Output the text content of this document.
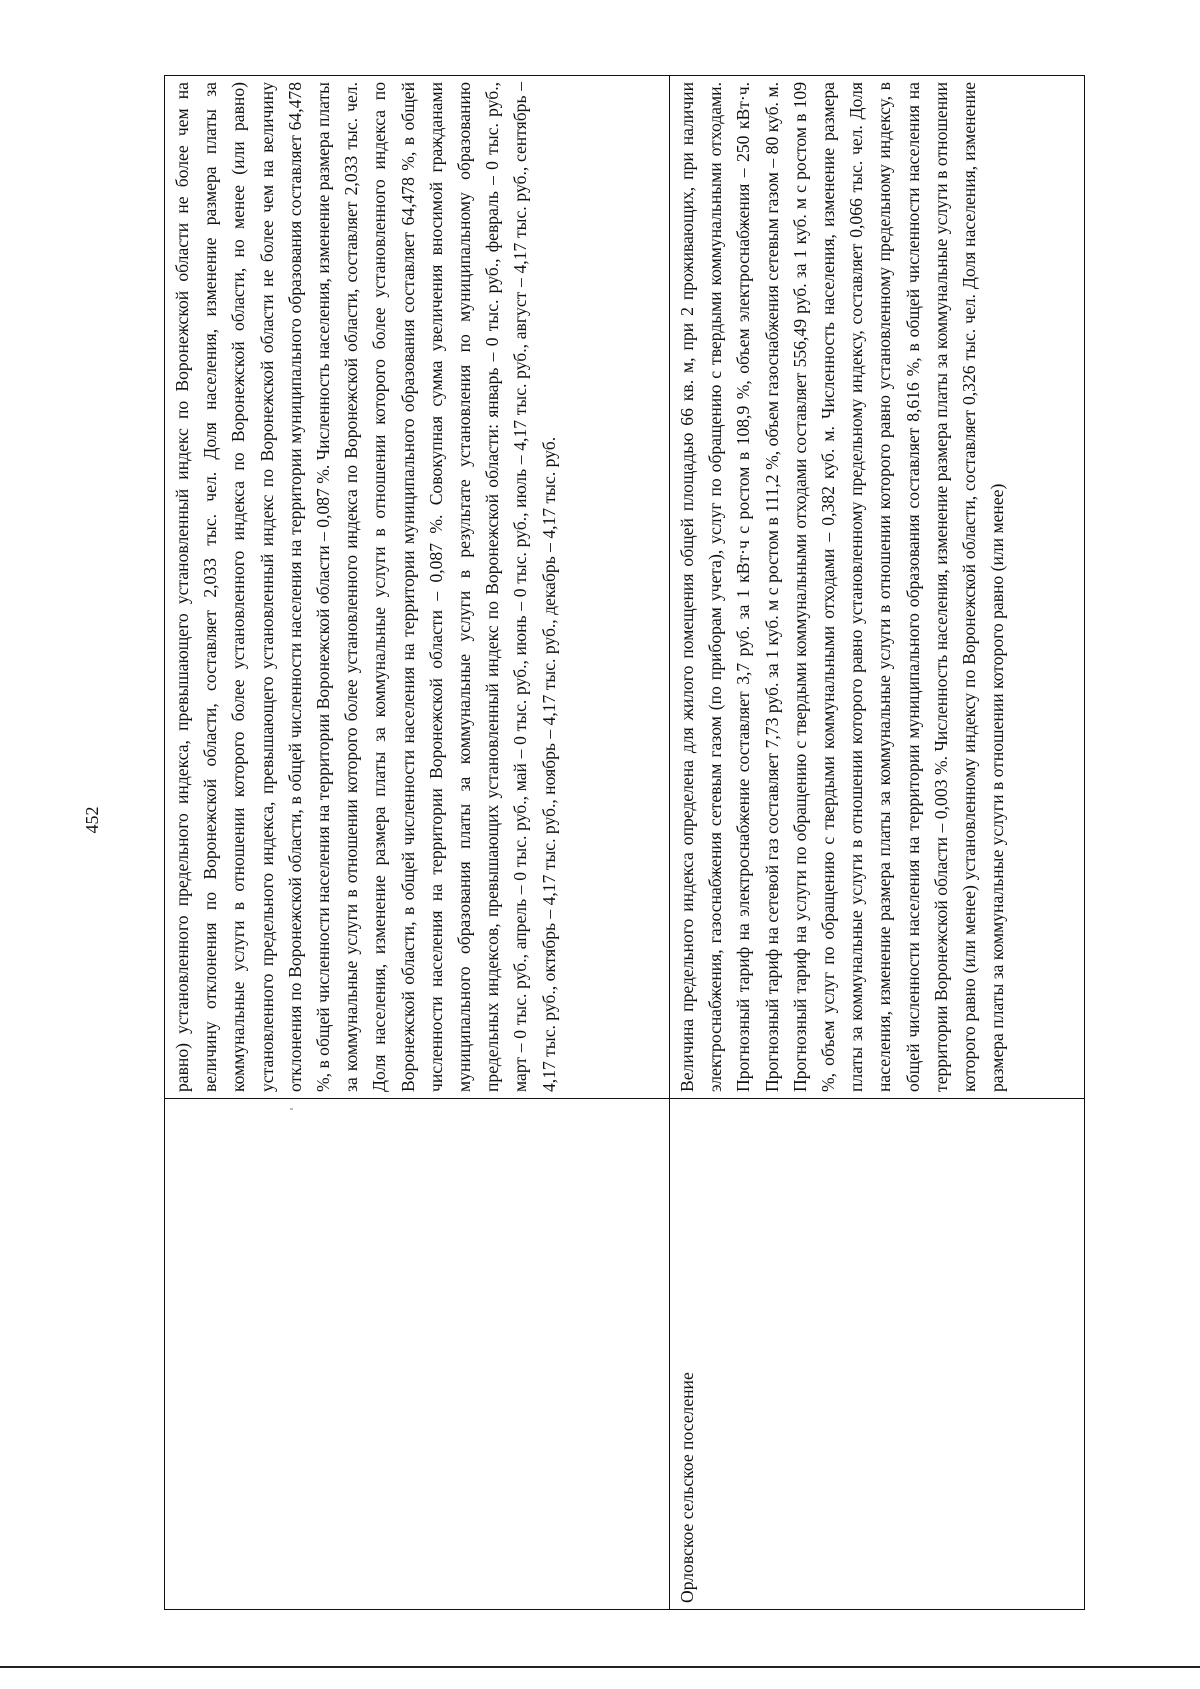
452
		равно) установленного предельного индекса, превышающего установленный индекс по Воронежской области не более чем на величину отклонения по Воронежской области, составляет 2,033 тыс. чел. Доля населения, изменение размера платы за коммунальные услуги в отношении которого более установленного индекса по Воронежской области, но менее (или равно) установленного предельного индекса, превышающего установленный индекс по Воронежской области не более чем на величину отклонения по Воронежской области, в общей численности населения на территории муниципального образования составляет 64,478 %, в общей численности населения на территории Воронежской области – 0,087 %. Численность населения, изменение размера платы за коммунальные услуги в отношении которого более установленного индекса по Воронежской области, составляет 2,033 тыс. чел. Доля населения, изменение размера платы за коммунальные услуги в отношении которого более установленного индекса по Воронежской области, в общей численности населения на территории муниципального образования составляет 64,478 %, в общей численности населения на территории Воронежской области – 0,087 %. Совокупная сумма увеличения вносимой гражданами муниципального образования платы за коммунальные услуги в результате установления по муниципальному образованию предельных индексов, превышающих установленный индекс по Воронежской области: январь – 0 тыс. руб., февраль – 0 тыс. руб., март – 0 тыс. руб., апрель – 0 тыс. руб., май – 0 тыс. руб., июнь – 0 тыс. руб., июль – 4,17 тыс. руб., август – 4,17 тыс. руб., сентябрь – 4,17 тыс. руб., октябрь – 4,17 тыс. руб., ноябрь – 4,17 тыс. руб., декабрь – 4,17 тыс. руб.
Орловское сельское поселение	Величина предельного индекса определена для жилого помещения общей площадью 66 кв. м, при 2 проживающих, при наличии электроснабжения, газоснабжения сетевым газом (по приборам учета), услуг по обращению с твердыми коммунальными отходами. Прогнозный тариф на электроснабжение составляет 3,7 руб. за 1 кВт·ч с ростом в 108,9 %, объем электроснабжения – 250 кВт·ч. Прогнозный тариф на сетевой газ составляет 7,73 руб. за 1 куб. м с ростом в 111,2 %, объем газоснабжения сетевым газом – 80 куб. м. Прогнозный тариф на услуги по обращению с твердыми коммунальными отходами составляет 556,49 руб. за 1 куб. м с ростом в 109 %, объем услуг по обращению с твердыми коммунальными отходами – 0,382 куб. м. Численность населения, изменение размера платы за коммунальные услуги в отношении которого равно установленному предельному индексу, составляет 0,066 тыс. чел. Доля населения, изменение размера платы за коммунальные услуги в отношении которого равно установленному предельному индексу, в общей численности населения на территории муниципального образования составляет 8,616 %, в общей численности населения на территории Воронежской области – 0,003 %. Численность населения, изменение размера платы за коммунальные услуги в отношении которого равно (или менее) установленному индексу по Воронежской области, составляет 0,326 тыс. чел. Доля населения, изменение размера платы за коммунальные услуги в отношении которого равно (или менее)
